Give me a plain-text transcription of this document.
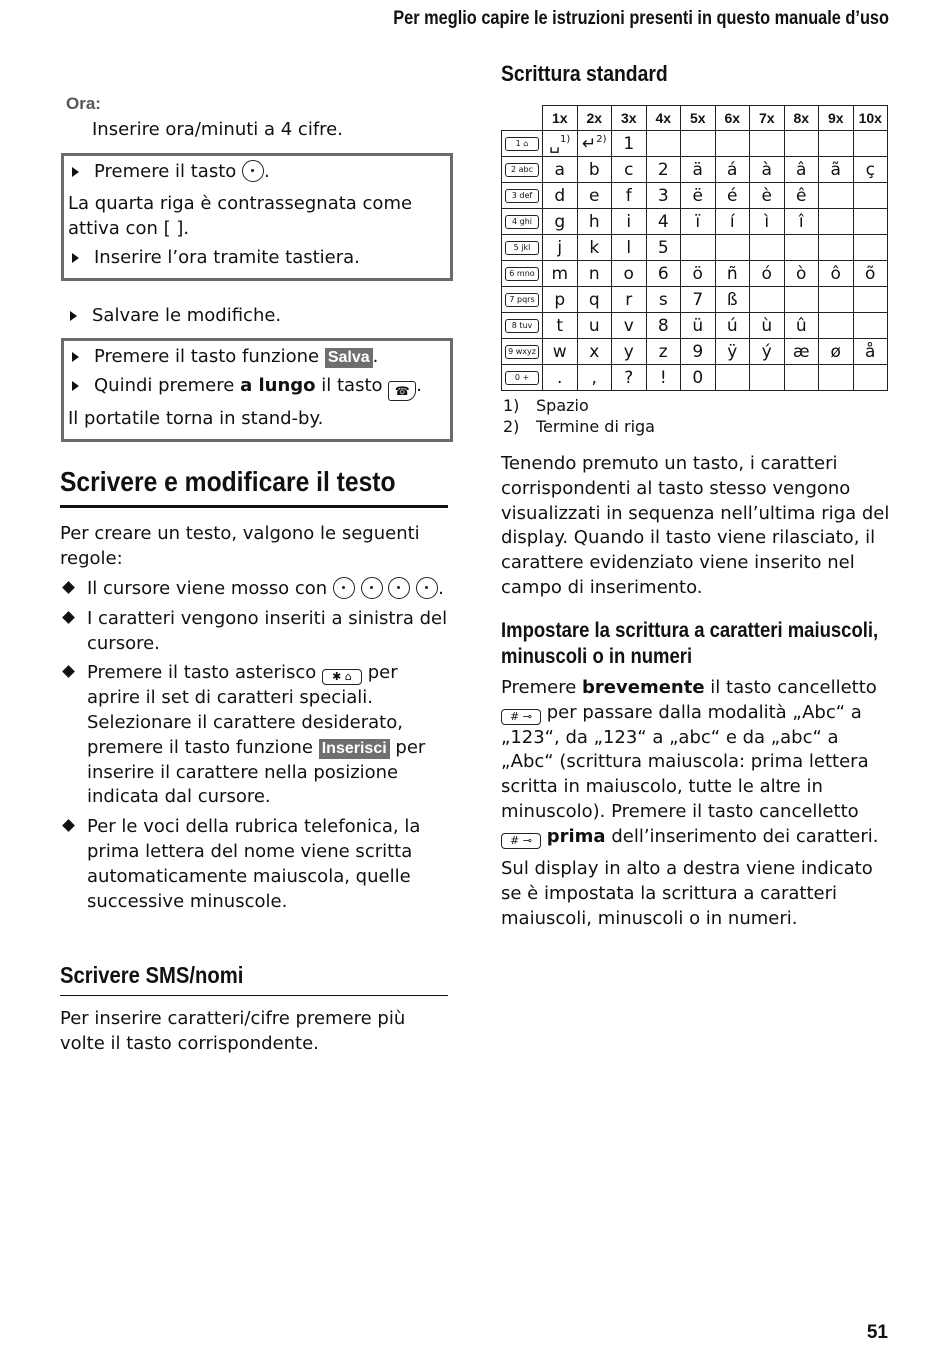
Per meglio capire le istruzioni presenti in questo manuale d’uso
Ora:
Inserire ora/minuti a 4 cifre.
Premere il tasto .
La quarta riga è contrassegnata come attiva con [ ].
Inserire l’ora tramite tastiera.
Salvare le modifiche.
Premere il tasto funzione Salva .
Quindi premere a lungo il tasto ☎ .
Il portatile torna in stand-by.
Scrivere e modificare il testo
Per creare un testo, valgono le seguenti regole:
Il cursore viene mosso con	.
I caratteri vengono inseriti a sinistra del cursore.
Premere il tasto asterisco ✱ ⌂ per aprire il set di caratteri speciali. Selezionare il carattere desiderato, premere il tasto funzione Inserisci per inserire il carattere nella posizione indicata dal cursore.
Per le voci della rubrica telefonica, la prima lettera del nome viene scritta automaticamente maiuscola, quelle successive minuscole.
Scrivere SMS/nomi
Per inserire caratteri/cifre premere più volte il tasto corrispondente.
Scrittura standard
	1x	2x	3x	4x	5x	6x	7x	8x	9x	10x
1 ⌂	␣$^{1)}$	↵$^{2)}$	1							
2 abc	a	b	c	2	ä	á	à	â	ã	ç
3 def	d	e	f	3	ë	é	è	ê		
4 ghi	g	h	i	4	ï	í	ì	î		
5 jkl	j	k	l	5						
6 mno	m	n	o	6	ö	ñ	ó	ò	ô	õ
7 pqrs	p	q	r	s	7	ß				
8 tuv	t	u	v	8	ü	ú	ù	û		
9 wxyz	w	x	y	z	9	ÿ	ý	æ	ø	å
0 +	.	,	?	!	0					
1) Spazio
2) Termine di riga
Tenendo premuto un tasto, i caratteri corrispondenti al tasto stesso vengono visualizzati in sequenza nell’ultima riga del display. Quando il tasto viene rilasciato, il carattere evidenziato viene inserito nel campo di inserimento.
Impostare la scrittura a caratteri maiuscoli,
minuscoli o in numeri
Premere brevemente il tasto cancelletto # ⊸ per passare dalla modalità „Abc“ a „123“, da „123“ a „abc“ e da „abc“ a „Abc“ (scrittura maiuscola: prima lettera scritta in maiuscolo, tutte le altre in minuscolo). Premere il tasto cancelletto # ⊸ prima dell’inserimento dei caratteri.
Sul display in alto a destra viene indicato se è impostata la scrittura a caratteri maiuscoli, minuscoli o in numeri.
51
